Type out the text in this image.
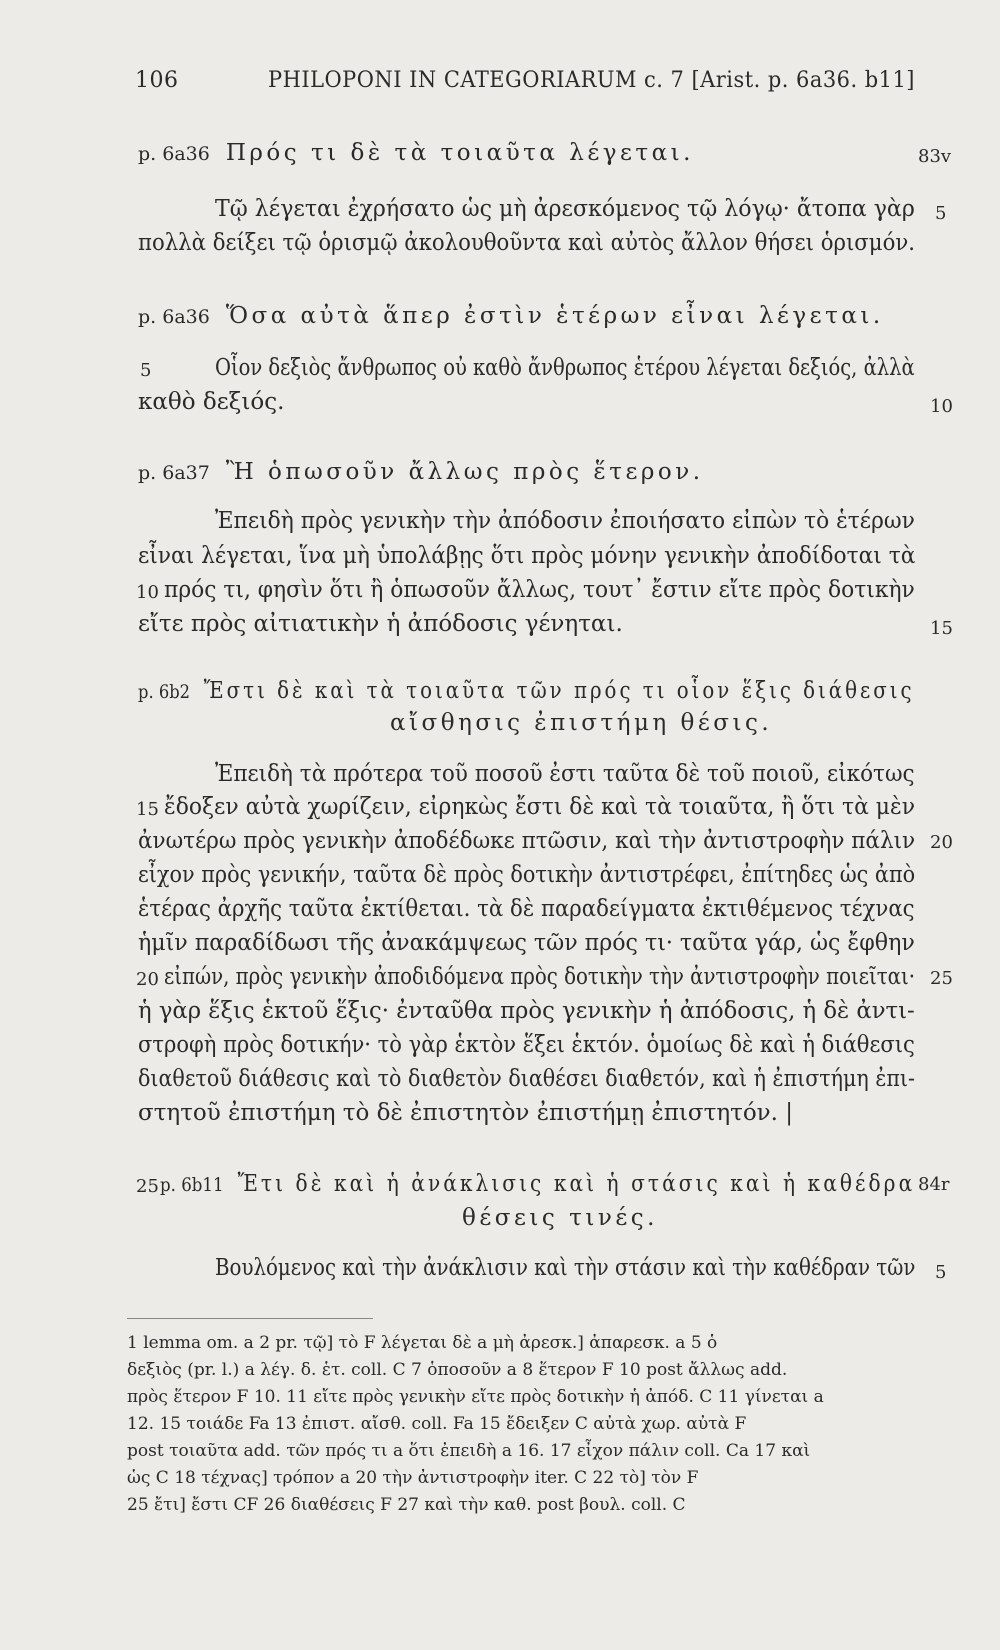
106	PHILOPONI IN CATEGORIARUM c. 7 [Arist. p. 6a36. b11]
p. 6a36 Πρός τι δὲ τὰ τοιαῦτα λέγεται.	83v
Τῷ λέγεται ἐχρήσατο ὡς μὴ ἀρεσκόμενος τῷ λόγῳ· ἄτοπα γὰρ 5
πολλὰ δείξει τῷ ὁρισμῷ ἀκολουθοῦντα καὶ αὐτὸς ἄλλον θήσει ὁρισμόν.
p. 6a36 Ὅσα αὐτὰ ἅπερ ἐστὶν ἑτέρων εἶναι λέγεται.
5	Οἷον δεξιὸς ἄνθρωπος οὐ καθὸ ἄνθρωπος ἑτέρου λέγεται δεξιός, ἀλλὰ
καθὸ δεξιός.	10
p. 6a37 Ἢ ὁπωσοῦν ἄλλως πρὸς ἕτερον.
Ἐπειδὴ πρὸς γενικὴν τὴν ἀπόδοσιν ἐποιήσατο εἰπὼν τὸ ἑτέρων
εἶναι λέγεται, ἵνα μὴ ὑπολάβῃς ὅτι πρὸς μόνην γενικὴν ἀποδίδοται τὰ
10 πρός τι, φησὶν ὅτι ἢ ὁπωσοῦν ἄλλως, τουτ᾽ ἔστιν εἴτε πρὸς δοτικὴν
εἴτε πρὸς αἰτιατικὴν ἡ ἀπόδοσις γένηται.	15
p. 6b2 Ἔστι δὲ καὶ τὰ τοιαῦτα τῶν πρός τι οἷον ἕξις διάθεσις
αἴσθησις ἐπιστήμη θέσις.
Ἐπειδὴ τὰ πρότερα τοῦ ποσοῦ ἐστι ταῦτα δὲ τοῦ ποιοῦ, εἰκότως
15 ἔδοξεν αὐτὰ χωρίζειν, εἰρηκὼς ἔστι δὲ καὶ τὰ τοιαῦτα, ἢ ὅτι τὰ μὲν
ἀνωτέρω πρὸς γενικὴν ἀποδέδωκε πτῶσιν, καὶ τὴν ἀντιστροφὴν πάλιν 20
εἶχον πρὸς γενικήν, ταῦτα δὲ πρὸς δοτικὴν ἀντιστρέφει, ἐπίτηδες ὡς ἀπὸ
ἑτέρας ἀρχῆς ταῦτα ἐκτίθεται. τὰ δὲ παραδείγματα ἐκτιθέμενος τέχνας
ἡμῖν παραδίδωσι τῆς ἀνακάμψεως τῶν πρός τι· ταῦτα γάρ, ὡς ἔφθην
20 εἰπών, πρὸς γενικὴν ἀποδιδόμενα πρὸς δοτικὴν τὴν ἀντιστροφὴν ποιεῖται· 25
ἡ γὰρ ἕξις ἑκτοῦ ἕξις· ἐνταῦθα πρὸς γενικὴν ἡ ἀπόδοσις, ἡ δὲ ἀντι-
στροφὴ πρὸς δοτικήν· τὸ γὰρ ἑκτὸν ἕξει ἑκτόν. ὁμοίως δὲ καὶ ἡ διάθεσις
διαθετοῦ διάθεσις καὶ τὸ διαθετὸν διαθέσει διαθετόν, καὶ ἡ ἐπιστήμη ἐπι-
στητοῦ ἐπιστήμη τὸ δὲ ἐπιστητὸν ἐπιστήμῃ ἐπιστητόν. |
25 p. 6b11 Ἔτι δὲ καὶ ἡ ἀνάκλισις καὶ ἡ στάσις καὶ ἡ καθέδρα 84r
θέσεις τινές.
Βουλόμενος καὶ τὴν ἀνάκλισιν καὶ τὴν στάσιν καὶ τὴν καθέδραν τῶν 5
1 lemma om. a 2 pr. τῷ] τὸ F λέγεται δὲ a μὴ ἀρεσκ.] ἀπαρεσκ. a 5 ὁ
δεξιὸς (pr. l.) a λέγ. δ. ἑτ. coll. C 7 ὁποσοῦν a 8 ἕτερον F 10 post ἄλλως add.
πρὸς ἕτερον F 10. 11 εἴτε πρὸς γενικὴν εἴτε πρὸς δοτικὴν ἡ ἀπόδ. C 11 γίνεται a
12. 15 τοιάδε Fa 13 ἐπιστ. αἴσθ. coll. Fa 15 ἔδειξεν C αὐτὰ χωρ. αὐτὰ F
post τοιαῦτα add. τῶν πρός τι a ὅτι ἐπειδὴ a 16. 17 εἶχον πάλιν coll. Ca 17 καὶ
ὡς C 18 τέχνας] τρόπον a 20 τὴν ἀντιστροφὴν iter. C 22 τὸ] τὸν F
25 ἔτι] ἔστι CF 26 διαθέσεις F 27 καὶ τὴν καθ. post βουλ. coll. C
